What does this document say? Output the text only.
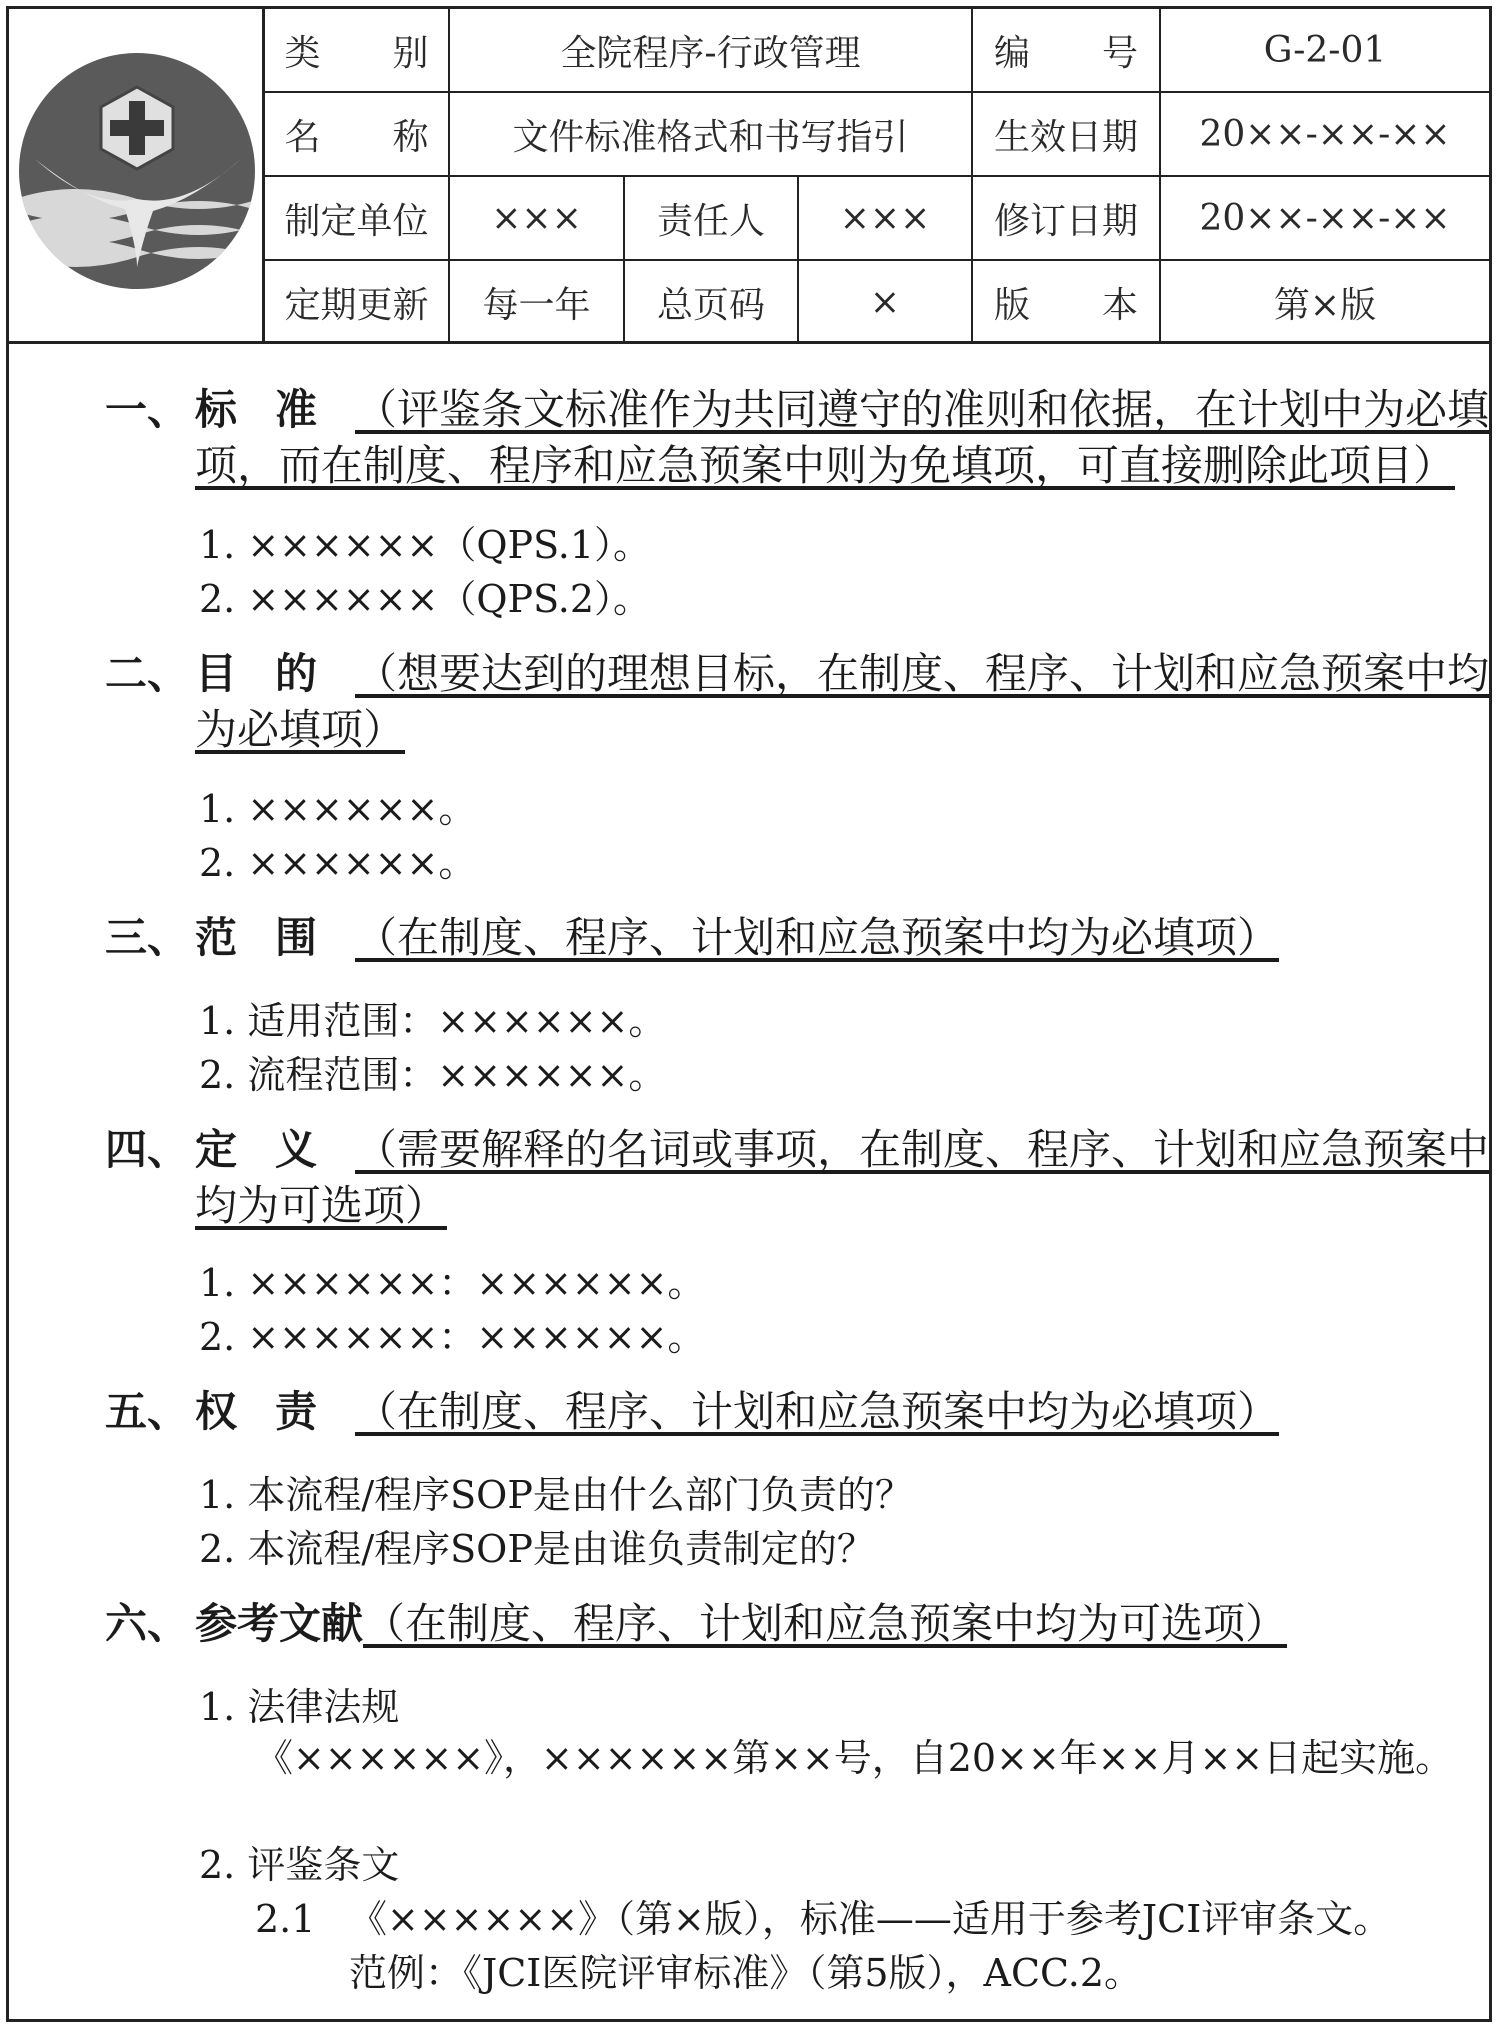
类　　别	全院程序-行政管理			编　　号	G-2-01
名　　称	文件标准格式和书写指引			生效日期	20××-××-××
制定单位	×××	责任人	×××	修订日期	20××-××-××
定期更新	每一年	总页码	×	版　　本	第×版
一、 标准（评鉴条文标准作为共同遵守的准则和依据，在计划中为必填项，而在制度、程序和应急预案中则为免填项，可直接删除此项目）
1. ××××××（QPS.1）。
2. ××××××（QPS.2）。
二、 目的（想要达到的理想目标，在制度、程序、计划和应急预案中均为必填项）
1. ××××××。
2. ××××××。
三、 范围（在制度、程序、计划和应急预案中均为必填项）
1. 适用范围：××××××。
2. 流程范围：××××××。
四、 定义（需要解释的名词或事项，在制度、程序、计划和应急预案中均为可选项）
1. ××××××：××××××。
2. ××××××：××××××。
五、 权责（在制度、程序、计划和应急预案中均为必填项）
1. 本流程/程序SOP是由什么部门负责的？
2. 本流程/程序SOP是由谁负责制定的？
六、 参考文献（在制度、程序、计划和应急预案中均为可选项）
1. 法律法规
《××××××》，××××××第××号，自20××年××月××日起实施。
2. 评鉴条文
2.1 《××××××》（第×版），标准——适用于参考JCI评审条文。
范例：《JCI医院评审标准》（第5版），ACC.2。
